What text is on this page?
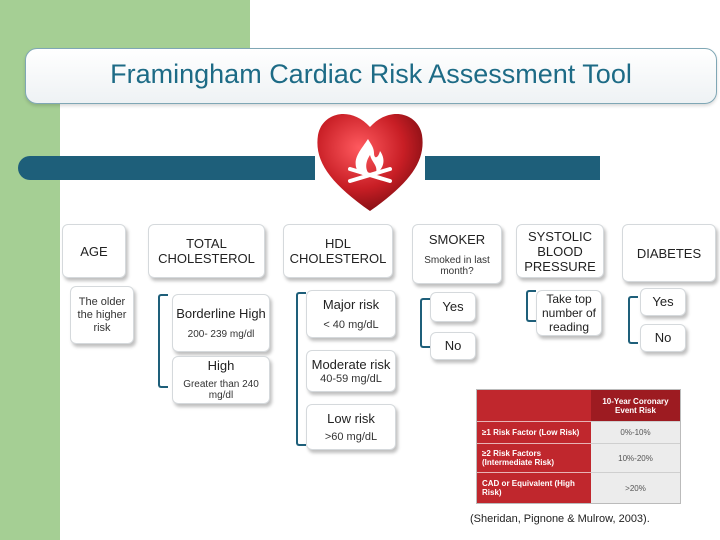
Framingham Cardiac Risk Assessment Tool
AGE
The older the higher risk
TOTAL CHOLESTEROL
Borderline High
200- 239 mg/dl
High
Greater than 240 mg/dl
HDL CHOLESTEROL
Major risk
< 40 mg/dL
Moderate risk
40-59 mg/dL
Low risk
>60 mg/dL
SMOKER
Smoked in last month?
Yes
No
SYSTOLIC BLOOD PRESSURE
Take top number of reading
DIABETES
Yes
No
10-Year Coronary Event Risk
≥1 Risk Factor (Low Risk)	0%-10%
≥2 Risk Factors (Intermediate Risk)	10%-20%
CAD or Equivalent (High Risk)	>20%
(Sheridan, Pignone & Mulrow, 2003).
